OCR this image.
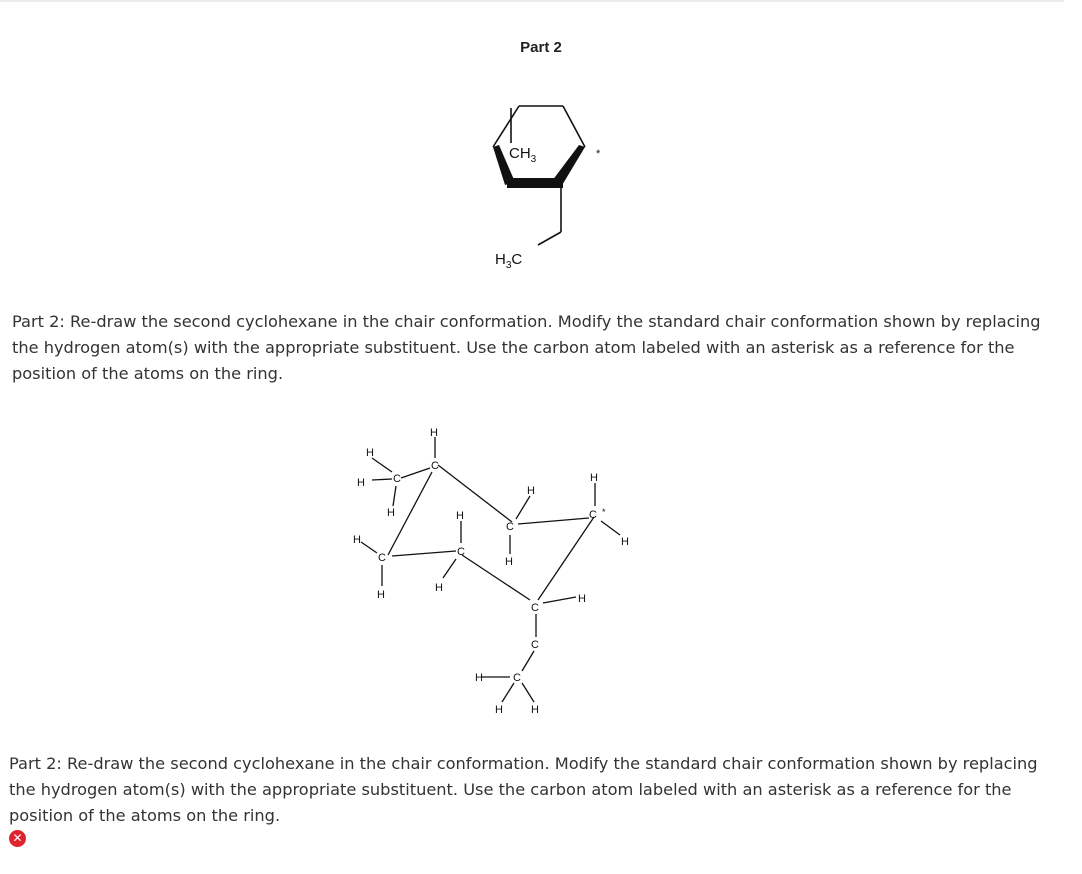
Part 2
$CH_3$
$H_3C$
*
Part 2: Re-draw the second cyclohexane in the chair conformation. Modify the standard chair conformation shown by replacing the hydrogen atom(s) with the appropriate substituent. Use the carbon atom labeled with an asterisk as a reference for the position of the atoms on the ring.
C
C
C	C
C
C
C
C
C
*
H
H
H
H
H
H
H
H
H
H
H
H
H
H
H	H
Part 2: Re-draw the second cyclohexane in the chair conformation. Modify the standard chair conformation shown by replacing the hydrogen atom(s) with the appropriate substituent. Use the carbon atom labeled with an asterisk as a reference for the position of the atoms on the ring.
✕
